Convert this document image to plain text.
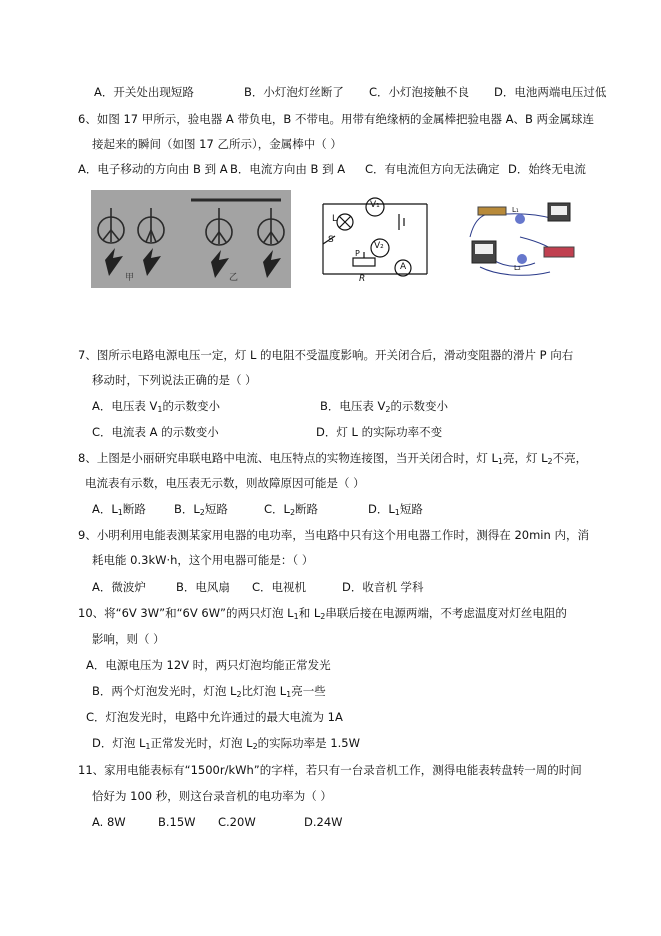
A．开关处出现短路	B．小灯泡灯丝断了 C．小灯泡接触不良 D．电池两端电压过低
6、如图 17 甲所示，验电器 A 带负电，B 不带电。用带有绝缘柄的金属棒把验电器 A、B 两金属球连
接起来的瞬间（如图 17 乙所示），金属棒中（ ）
A．电子移动的方向由 B 到 A B．电流方向由 B 到 A C．有电流但方向无法确定 D．始终无电流
甲	乙
V₁
L
V₂
S
P
A
R
L₁
L₂
7、图所示电路电源电压一定，灯 L 的电阻不受温度影响。开关闭合后，滑动变阻器的滑片 P 向右
移动时，下列说法正确的是（ ）
A．电压表 $V_1$的示数变小	B．电压表 $V_2$的示数变小
C．电流表 A 的示数变小	D．灯 L 的实际功率不变
8、上图是小丽研究串联电路中电流、电压特点的实物连接图，当开关闭合时，灯 $L_1$亮，灯 $L_2$不亮，
电流表有示数，电压表无示数，则故障原因可能是（ ）
A．$L_1$断路 B．$L_2$短路	C．$L_2$断路	D．$L_1$短路
9、小明利用电能表测某家用电器的电功率，当电路中只有这个用电器工作时，测得在 20min 内，消
耗电能 0.3kW·h，这个用电器可能是：（ ）
A．微波炉	B．电风扇 C．电视机	D．收音机 学科
10、将“6V 3W”和“6V 6W”的两只灯泡 $L_1$和 $L_2$串联后接在电源两端，不考虑温度对灯丝电阻的
影响，则（ ）
A．电源电压为 12V 时，两只灯泡均能正常发光
B．两个灯泡发光时，灯泡 $L_2$比灯泡 $L_1$亮一些
C．灯泡发光时，电路中允许通过的最大电流为 1A
D．灯泡 $L_1$正常发光时，灯泡 $L_2$的实际功率是 1.5W
11、家用电能表标有“1500r/kWh”的字样，若只有一台录音机工作，测得电能表转盘转一周的时间
恰好为 100 秒，则这台录音机的电功率为（ ）
A. 8W	B.15W C.20W	D.24W
